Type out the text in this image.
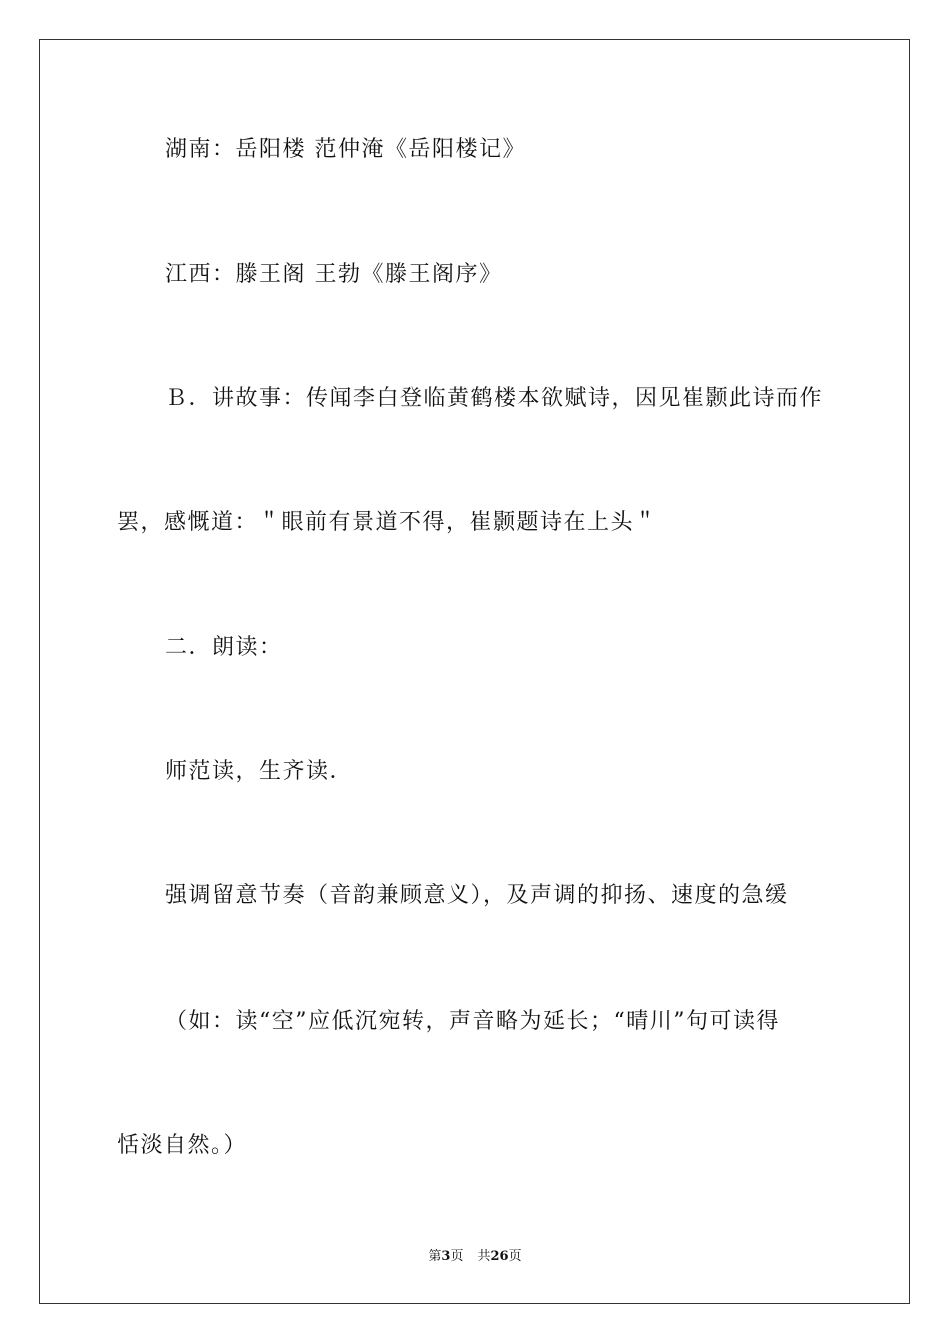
湖南：岳阳楼 范仲淹《岳阳楼记》
江西：滕王阁 王勃《滕王阁序》
Ｂ．讲故事：传闻李白登临黄鹤楼本欲赋诗，因见崔颢此诗而作
罢，感慨道：＂眼前有景道不得，崔颢题诗在上头＂
二．朗读：
师范读，生齐读．
强调留意节奏（音韵兼顾意义），及声调的抑扬、速度的急缓
（如：读“空”应低沉宛转，声音略为延长；“晴川”句可读得
恬淡自然。）
第3页 共26页
